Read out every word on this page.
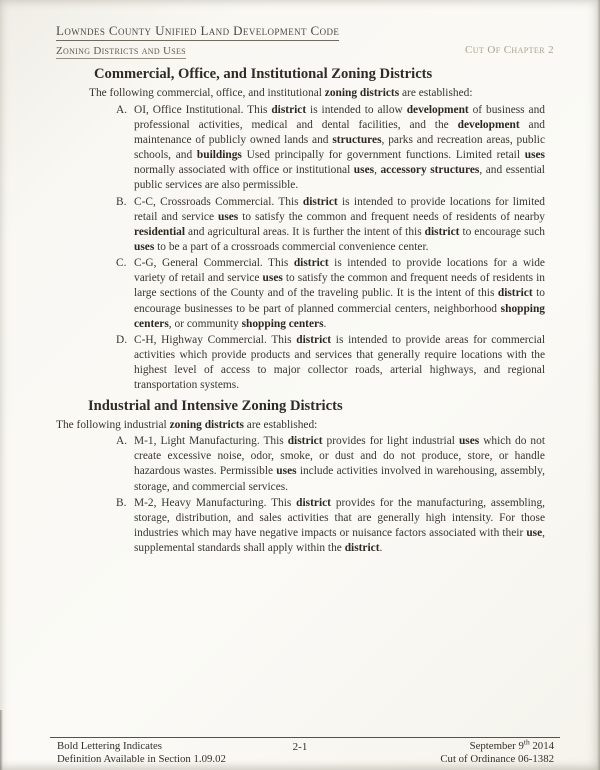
Lowndes County Unified Land Development Code
Zoning Districts and Uses	Cut Of Chapter 2
Commercial, Office, and Institutional Zoning Districts

The following commercial, office, and institutional zoning districts are established:

A. OI, Office Institutional. This district is intended to allow development of business and professional activities, medical and dental facilities, and the development and maintenance of publicly owned lands and structures, parks and recreation areas, public schools, and buildings Used principally for government functions. Limited retail uses normally associated with office or institutional uses, accessory structures, and essential public services are also permissible.
B. C-C, Crossroads Commercial. This district is intended to provide locations for limited retail and service uses to satisfy the common and frequent needs of residents of nearby residential and agricultural areas. It is further the intent of this district to encourage such uses to be a part of a crossroads commercial convenience center.
C. C-G, General Commercial. This district is intended to provide locations for a wide variety of retail and service uses to satisfy the common and frequent needs of residents in large sections of the County and of the traveling public. It is the intent of this district to encourage businesses to be part of planned commercial centers, neighborhood shopping centers, or community shopping centers.
D. C-H, Highway Commercial. This district is intended to provide areas for commercial activities which provide products and services that generally require locations with the highest level of access to major collector roads, arterial highways, and regional transportation systems.
Industrial and Intensive Zoning Districts

The following industrial zoning districts are established:

A. M-1, Light Manufacturing. This district provides for light industrial uses which do not create excessive noise, odor, smoke, or dust and do not produce, store, or handle hazardous wastes. Permissible uses include activities involved in warehousing, assembly, storage, and commercial services.
B. M-2, Heavy Manufacturing. This district provides for the manufacturing, assembling, storage, distribution, and sales activities that are generally high intensity. For those industries which may have negative impacts or nuisance factors associated with their use, supplemental standards shall apply within the district.
Bold Lettering Indicates
Definition Available in Section 1.09.02
2-1	September 9th 2014
Cut of Ordinance 06-1382
